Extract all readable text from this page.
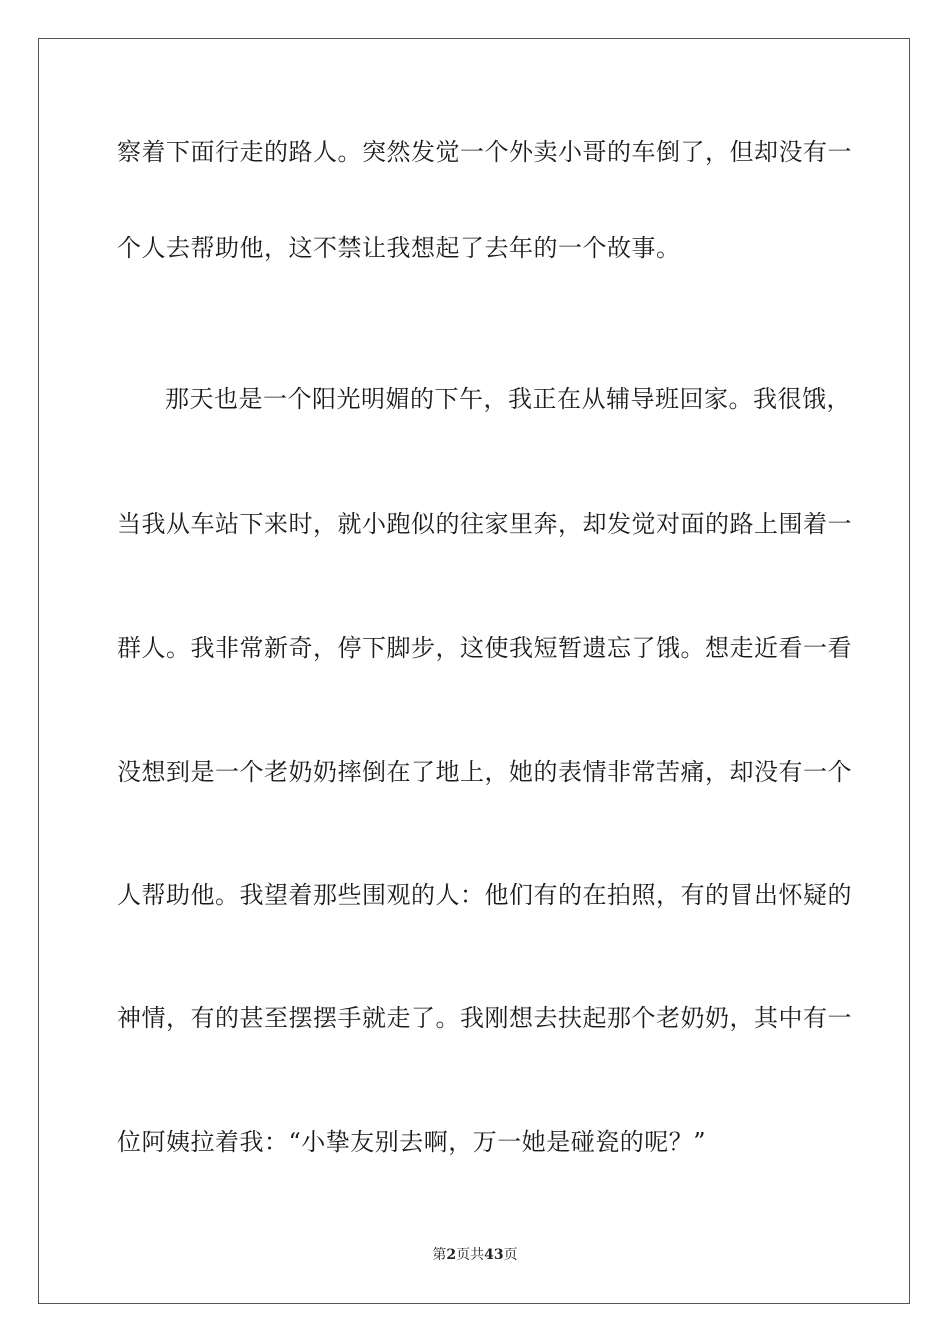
察着下面行走的路人。突然发觉一个外卖小哥的车倒了，但却没有一
个人去帮助他，这不禁让我想起了去年的一个故事。
那天也是一个阳光明媚的下午，我正在从辅导班回家。我很饿，
当我从车站下来时，就小跑似的往家里奔，却发觉对面的路上围着一
群人。我非常新奇，停下脚步，这使我短暂遗忘了饿。想走近看一看
没想到是一个老奶奶摔倒在了地上，她的表情非常苦痛，却没有一个
人帮助他。我望着那些围观的人：他们有的在拍照，有的冒出怀疑的
神情，有的甚至摆摆手就走了。我刚想去扶起那个老奶奶，其中有一
位阿姨拉着我：“小挚友别去啊，万一她是碰瓷的呢？”
第2页共43页
